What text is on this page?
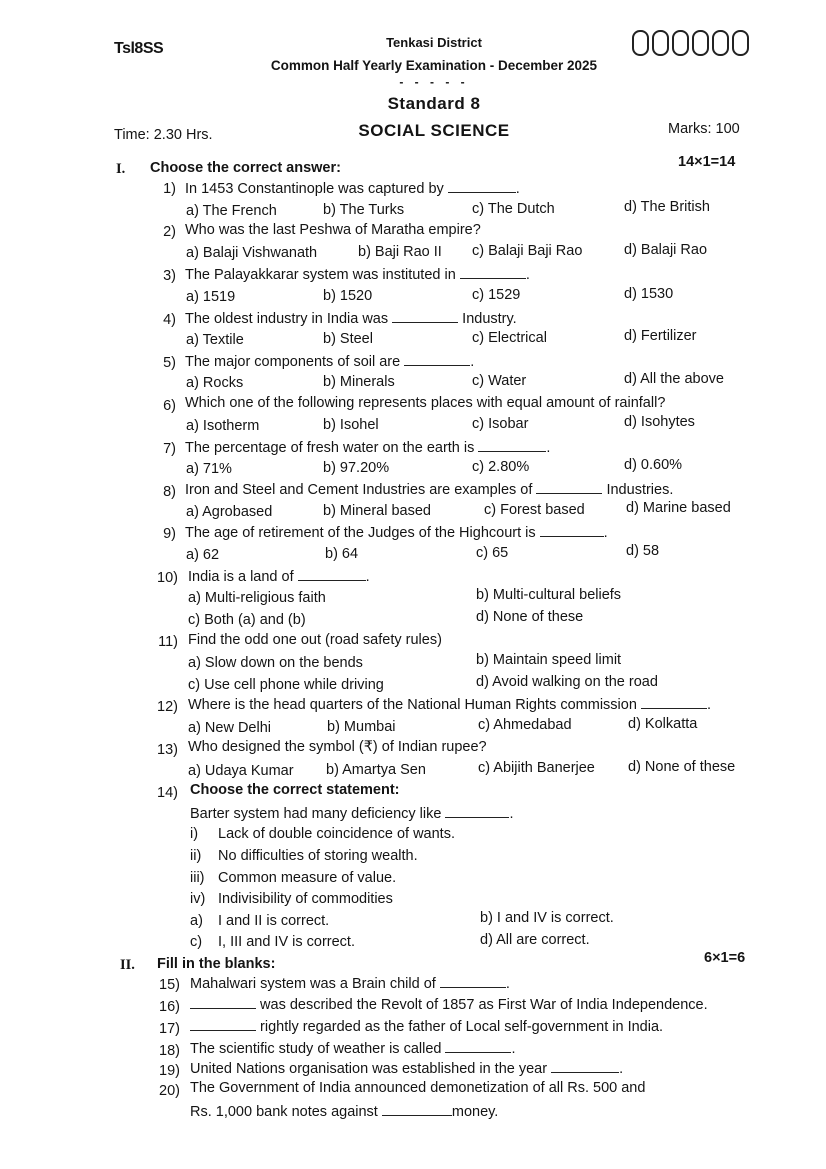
Tsl8SS	Tenkasi District
Common Half Yearly Examination - December 2025
- - - - -
Standard 8
Time: 2.30 Hrs.	SOCIAL SCIENCE	Marks: 100
I. Choose the correct answer:	14×1=14
1) In 1453 Constantinople was captured by	.
a) The French	b) The Turks	c) The Dutch	d) The British
2) Who was the last Peshwa of Maratha empire?
a) Balaji Vishwanath	b) Baji Rao II c) Balaji Baji Rao	d) Balaji Rao
3) The Palayakkarar system was instituted in	.
a) 1519	b) 1520	c) 1529	d) 1530
4) The oldest industry in India was	Industry.
a) Textile	b) Steel	c) Electrical	d) Fertilizer
5) The major components of soil are	.
a) Rocks	b) Minerals	c) Water	d) All the above
6) Which one of the following represents places with equal amount of rainfall?
a) Isotherm	b) Isohel	c) Isobar	d) Isohytes
7) The percentage of fresh water on the earth is	.
a) 71%	b) 97.20%	c) 2.80%	d) 0.60%
8) Iron and Steel and Cement Industries are examples of	Industries.
a) Agrobased	b) Mineral based	c) Forest based	d) Marine based
9) The age of retirement of the Judges of the Highcourt is	.
a) 62	b) 64	c) 65	d) 58
10) India is a land of	.
a) Multi-religious faith	b) Multi-cultural beliefs
c) Both (a) and (b)	d) None of these
11) Find the odd one out (road safety rules)
a) Slow down on the bends	b) Maintain speed limit
c) Use cell phone while driving	d) Avoid walking on the road
12) Where is the head quarters of the National Human Rights commission	.
a) New Delhi	b) Mumbai	c) Ahmedabad	d) Kolkatta
13) Who designed the symbol (₹) of Indian rupee?
a) Udaya Kumar b) Amartya Sen	c) Abijith Banerjee d) None of these
14) Choose the correct statement:
Barter system had many deficiency like	.
i) Lack of double coincidence of wants.
ii) No difficulties of storing wealth.
iii) Common measure of value.
iv) Indivisibility of commodities
a) I and II is correct.	b) I and IV is correct.
c) I, III and IV is correct.	d) All are correct.
II. Fill in the blanks:	6×1=6
15) Mahalwari system was a Brain child of	.
16)	was described the Revolt of 1857 as First War of India Independence.
17)	rightly regarded as the father of Local self-government in India.
18) The scientific study of weather is called	.
19) United Nations organisation was established in the year	.
20) The Government of India announced demonetization of all Rs. 500 and
Rs. 1,000 bank notes against	money.
